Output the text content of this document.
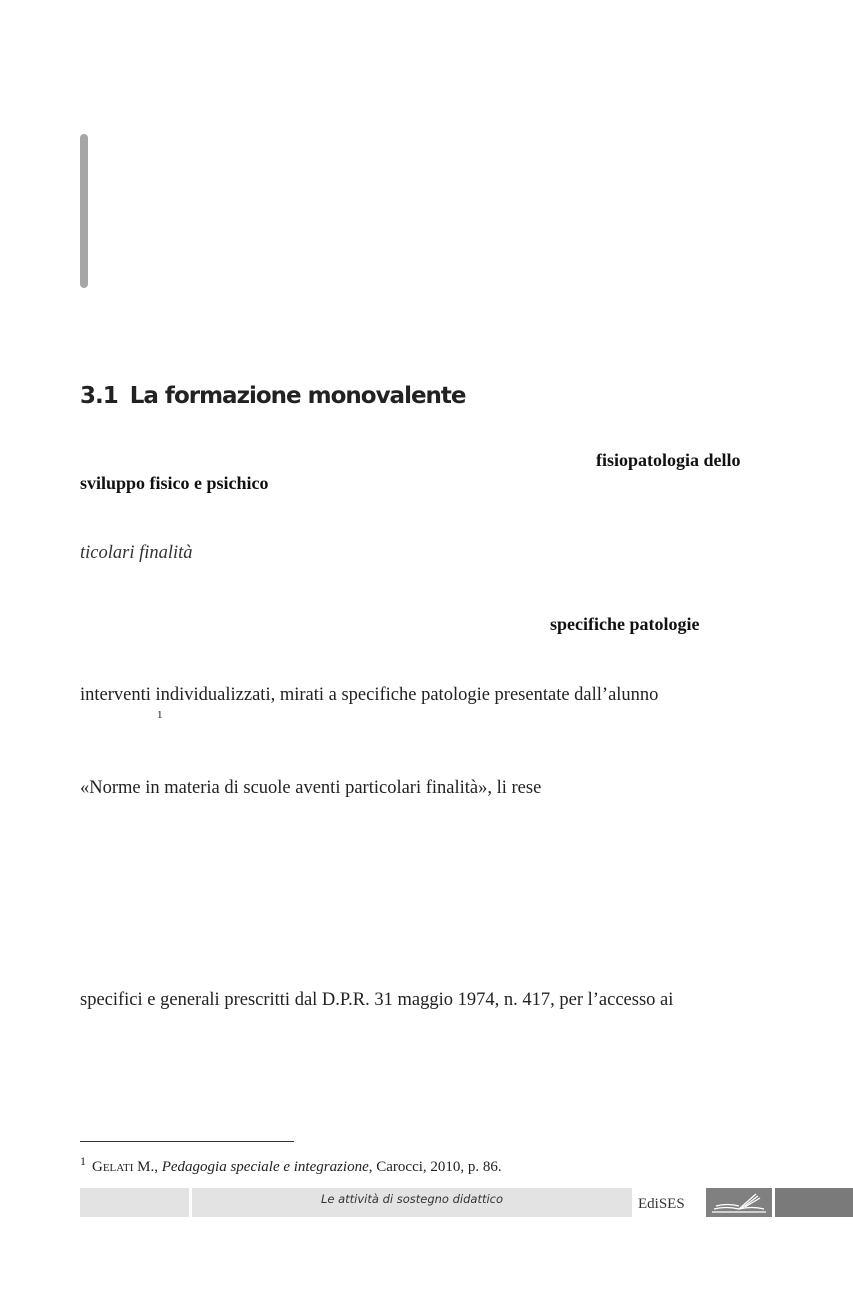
3.1 La formazione monovalente
fisiopatologia dello
sviluppo fisico e psichico
ticolari finalità
specifiche patologie
interventi individualizzati, mirati a specifiche patologie presentate dall’alunno
1
«Norme in materia di scuole aventi particolari finalità», li rese
specifici e generali prescritti dal D.P.R. 31 maggio 1974, n. 417, per l’accesso ai
$^1$ Gelati M., Pedagogia speciale e integrazione, Carocci, 2010, p. 86.
Le attività di sostegno didattico	EdiSES
